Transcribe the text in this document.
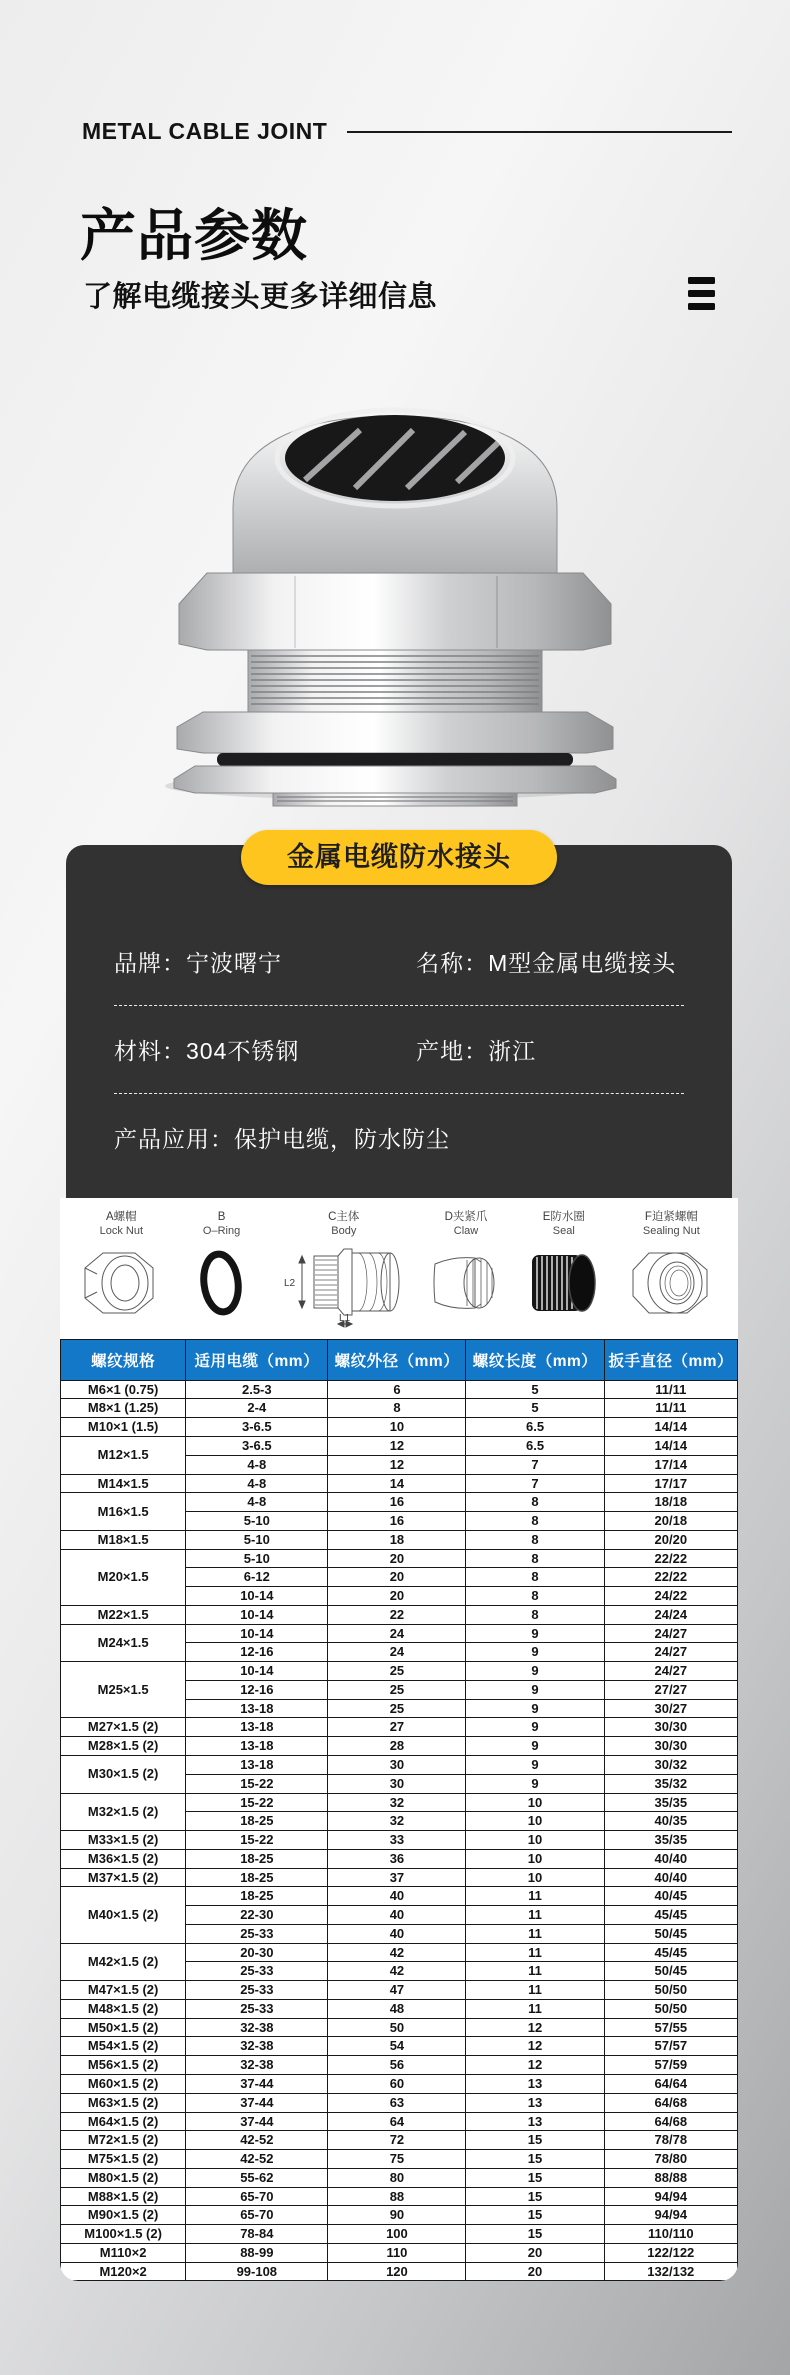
METAL CABLE JOINT
产品参数
了解电缆接头更多详细信息
金属电缆防水接头
品牌：宁波曙宁	名称：M型金属电缆接头
材料：304不锈钢	产地：浙江
产品应用：保护电缆，防水防尘
A螺帽
Lock Nut
B
O–Ring
C主体
Body
L2
L1
D夹紧爪
Claw
E防水圈
Seal
F迫紧螺帽
Sealing Nut
螺纹规格	适用电缆（mm）	螺纹外径（mm）	螺纹长度（mm）	扳手直径（mm）
M6×1 (0.75)	2.5-3	6	5	11/11
M8×1 (1.25)	2-4	8	5	11/11
M10×1 (1.5)	3-6.5	10	6.5	14/14
M12×1.5	3-6.5	12	6.5	14/14
	4-8	12	7	17/14
M14×1.5	4-8	14	7	17/17
M16×1.5	4-8	16	8	18/18
	5-10	16	8	20/18
M18×1.5	5-10	18	8	20/20
M20×1.5	5-10	20	8	22/22
	6-12	20	8	22/22
	10-14	20	8	24/22
M22×1.5	10-14	22	8	24/24
M24×1.5	10-14	24	9	24/27
	12-16	24	9	24/27
M25×1.5	10-14	25	9	24/27
	12-16	25	9	27/27
	13-18	25	9	30/27
M27×1.5 (2)	13-18	27	9	30/30
M28×1.5 (2)	13-18	28	9	30/30
M30×1.5 (2)	13-18	30	9	30/32
	15-22	30	9	35/32
M32×1.5 (2)	15-22	32	10	35/35
	18-25	32	10	40/35
M33×1.5 (2)	15-22	33	10	35/35
M36×1.5 (2)	18-25	36	10	40/40
M37×1.5 (2)	18-25	37	10	40/40
M40×1.5 (2)	18-25	40	11	40/45
	22-30	40	11	45/45
	25-33	40	11	50/45
M42×1.5 (2)	20-30	42	11	45/45
	25-33	42	11	50/45
M47×1.5 (2)	25-33	47	11	50/50
M48×1.5 (2)	25-33	48	11	50/50
M50×1.5 (2)	32-38	50	12	57/55
M54×1.5 (2)	32-38	54	12	57/57
M56×1.5 (2)	32-38	56	12	57/59
M60×1.5 (2)	37-44	60	13	64/64
M63×1.5 (2)	37-44	63	13	64/68
M64×1.5 (2)	37-44	64	13	64/68
M72×1.5 (2)	42-52	72	15	78/78
M75×1.5 (2)	42-52	75	15	78/80
M80×1.5 (2)	55-62	80	15	88/88
M88×1.5 (2)	65-70	88	15	94/94
M90×1.5 (2)	65-70	90	15	94/94
M100×1.5 (2)	78-84	100	15	110/110
M110×2	88-99	110	20	122/122
M120×2	99-108	120	20	132/132
